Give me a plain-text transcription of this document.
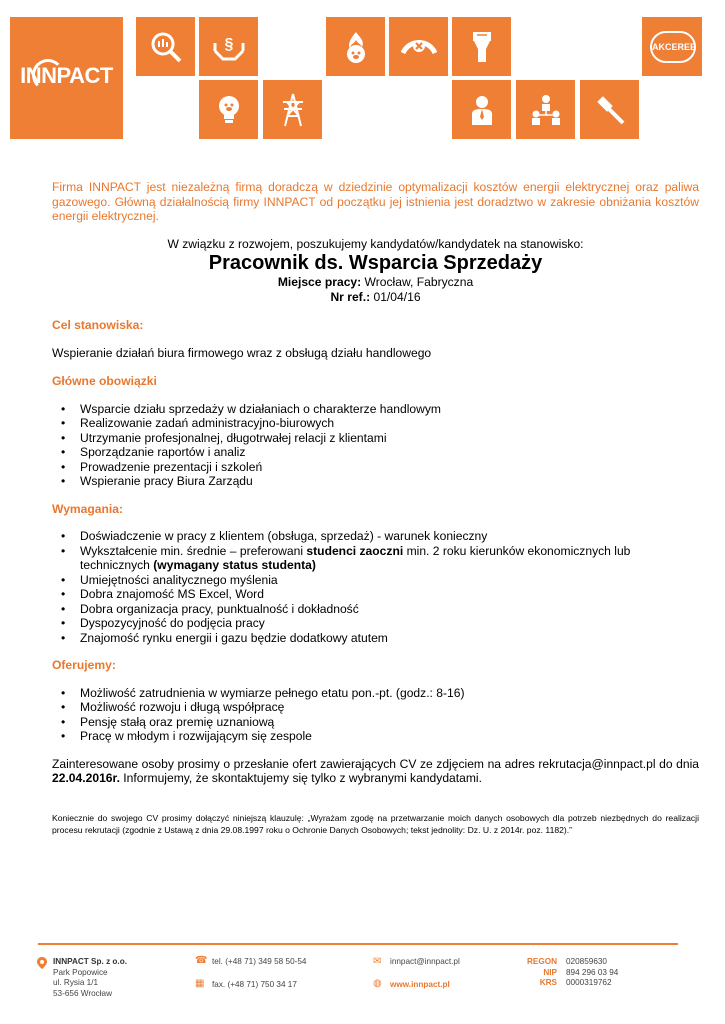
INNPACT
§	AKCEREE

Firma INNPACT jest niezależną firmą doradczą w dziedzinie optymalizacji kosztów energii elektrycznej oraz paliwa gazowego. Główną działalnością firmy INNPACT od początku jej istnienia jest doradztwo w zakresie obniżania kosztów energii elektrycznej.

W związku z rozwojem, poszukujemy kandydatów/kandydatek na stanowisko:

Pracownik ds. Wsparcia Sprzedaży

Miejsce pracy: Wrocław, Fabryczna
Nr ref.: 01/04/16

Cel stanowiska:

Wspieranie działań biura firmowego wraz z obsługą działu handlowego

Główne obowiązki

• Wsparcie działu sprzedaży w działaniach o charakterze handlowym
• Realizowanie zadań administracyjno-biurowych
• Utrzymanie profesjonalnej, długotrwałej relacji z klientami
• Sporządzanie raportów i analiz
• Prowadzenie prezentacji i szkoleń
• Wspieranie pracy Biura Zarządu

Wymagania:

• Doświadczenie w pracy z klientem (obsługa, sprzedaż) - warunek konieczny
• Wykształcenie min. średnie – preferowani studenci zaoczni min. 2 roku kierunków ekonomicznych lub technicznych (wymagany status studenta)
• Umiejętności analitycznego myślenia
• Dobra znajomość MS Excel, Word
• Dobra organizacja pracy, punktualność i dokładność
• Dyspozycyjność do podjęcia pracy
• Znajomość rynku energii i gazu będzie dodatkowy atutem

Oferujemy:

• Możliwość zatrudnienia w wymiarze pełnego etatu pon.-pt. (godz.: 8-16)
• Możliwość rozwoju i długą współpracę
• Pensję stałą oraz premię uznaniową
• Pracę w młodym i rozwijającym się zespole

Zainteresowane osoby prosimy o przesłanie ofert zawierających CV ze zdjęciem na adres rekrutacja@innpact.pl do dnia 22.04.2016r. Informujemy, że skontaktujemy się tylko z wybranymi kandydatami.

Koniecznie do swojego CV prosimy dołączyć niniejszą klauzulę: „Wyrażam zgodę na przetwarzanie moich danych osobowych dla potrzeb niezbędnych do realizacji procesu rekrutacji (zgodnie z Ustawą z dnia 29.08.1997 roku o Ochronie Danych Osobowych; tekst jednolity: Dz. U. z 2014r. poz. 1182).”

INNPACT Sp. z o.o.
Park Popowice
ul. Rysia 1/1
53-656 Wrocław
☎ tel. (+48 71) 349 58 50-54
▦ fax. (+48 71) 750 34 17
✉ innpact@innpact.pl
◍ www.innpact.pl
REGON
NIP
KRS
020859630
894 296 03 94
0000319762
